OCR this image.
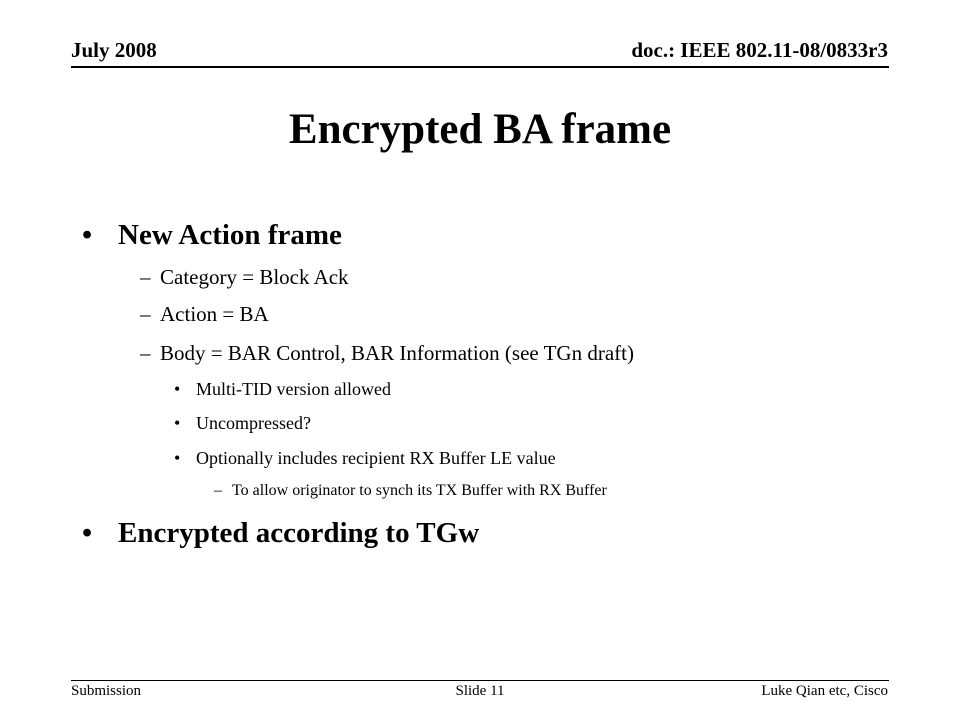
July 2008	doc.: IEEE 802.11-08/0833r3
Encrypted BA frame
• New Action frame
– Category = Block Ack
– Action = BA
– Body = BAR Control, BAR Information (see TGn draft)
• Multi-TID version allowed
• Uncompressed?
• Optionally includes recipient RX Buffer LE value
– To allow originator to synch its TX Buffer with RX Buffer
• Encrypted according to TGw
Submission	Slide 11	Luke Qian etc, Cisco
